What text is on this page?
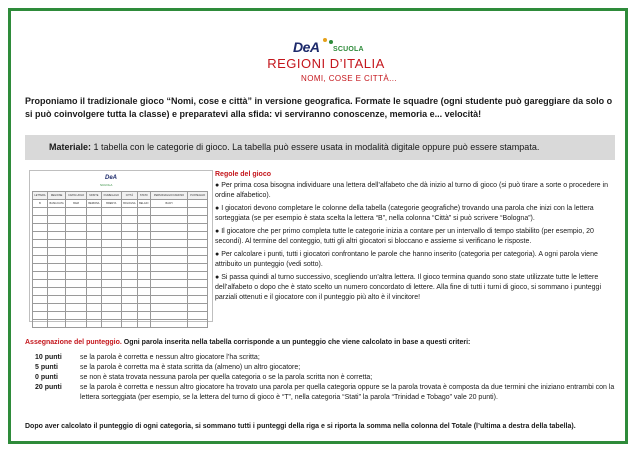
DeA SCUOLA
REGIONI D’ITALIA
NOMI, COSE E CITTÀ...
Proponiamo il tradizionale gioco “Nomi, cose e città” in versione geografica. Formate le squadre (ogni studente può gareggiare da solo o si può coinvolgere tutta la classe) e preparatevi alla sfida: vi serviranno conoscenze, memoria e... velocità!
Materiale: 1 tabella con le categorie di gioco. La tabella può essere usata in modalità digitale oppure può essere stampata.
DeA
SCUOLA
LETTERA	REGIONE	CAPOLUOGO	MONTE	FIUME/LAGO	CITTÀ	STATO	PERSONAGGIO FAMOSO	PUNTEGGIO
B	BASILICATA	BARI	BERNINA	BRENTA	BOLOGNA	BELGIO	BACH	

Regole del gioco

● Per prima cosa bisogna individuare una lettera dell’alfabeto che dà inizio al turno di gioco (si può tirare a sorte o procedere in ordine alfabetico).

● I giocatori devono completare le colonne della tabella (categorie geografiche) trovando una parola che inizi con la lettera sorteggiata (se per esempio è stata scelta la lettera “B”, nella colonna “Città” si può scrivere “Bologna”).

● Il giocatore che per primo completa tutte le categorie inizia a contare per un intervallo di tempo stabilito (per esempio, 20 secondi). Al termine del conteggio, tutti gli altri giocatori si bloccano e assieme si verificano le risposte.

● Per calcolare i punti, tutti i giocatori confrontano le parole che hanno inserito (categoria per categoria). A ogni parola viene attribuito un punteggio (vedi sotto).

● Si passa quindi al turno successivo, scegliendo un’altra lettera. Il gioco termina quando sono state utilizzate tutte le lettere dell’alfabeto o dopo che è stato scelto un numero concordato di lettere. Alla fine di tutti i turni di gioco, si sommano i punteggi parziali ottenuti e il giocatore con il punteggio più alto è il vincitore!

Assegnazione del punteggio. Ogni parola inserita nella tabella corrisponde a un punteggio che viene calcolato in base a questi criteri:
10 punti	se la parola è corretta e nessun altro giocatore l’ha scritta;
5 punti	se la parola è corretta ma è stata scritta da (almeno) un altro giocatore;
0 punti	se non è stata trovata nessuna parola per quella categoria o se la parola scritta non è corretta;
20 punti	se la parola è corretta e nessun altro giocatore ha trovato una parola per quella categoria oppure se la parola trovata è composta da due termini che iniziano entrambi con la lettera sorteggiata (per esempio, se la lettera del turno di gioco è “T”, nella categoria “Stati” la parola “Trinidad e Tobago” vale 20 punti).
Dopo aver calcolato il punteggio di ogni categoria, si sommano tutti i punteggi della riga e si riporta la somma nella colonna del Totale (l’ultima a destra della tabella).
